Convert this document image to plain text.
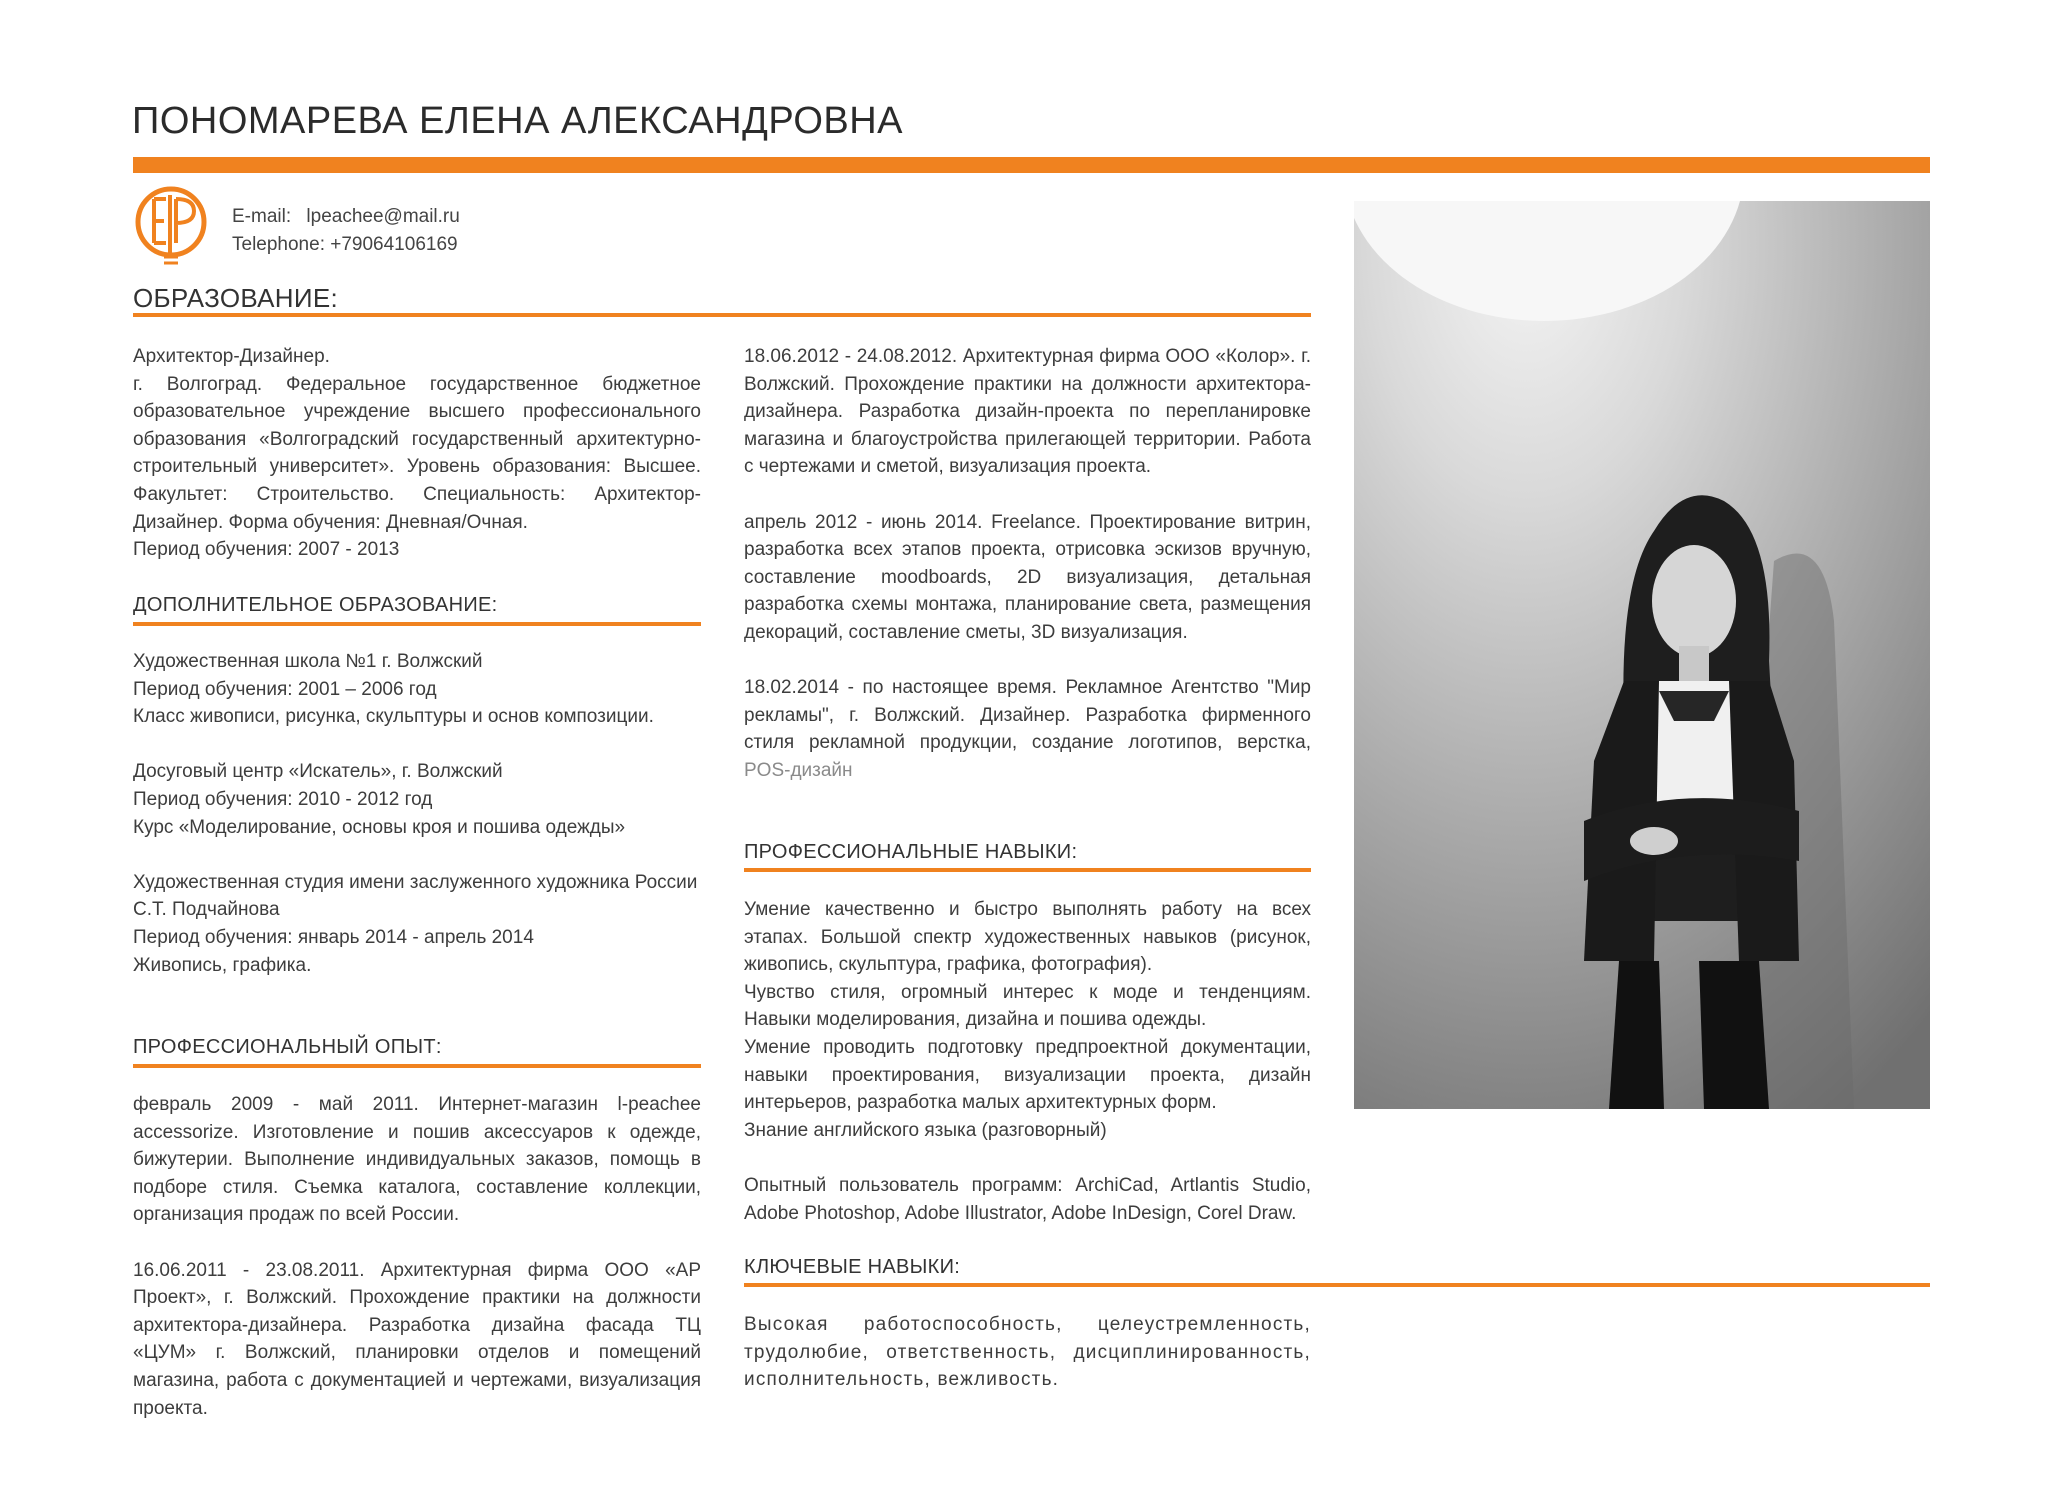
ПОНОМАРЕВА ЕЛЕНА АЛЕКСАНДРОВНА
E-mail: lpeachee@mail.ru
Telephone: +79064106169
ОБРАЗОВАНИЕ:

Архитектор-Дизайнер.

г. Волгоград. Федеральное государственное бюджетное образовательное учреждение высшего профессионального образования «Волгоградский государственный архитектурно-строительный университет». Уровень образования: Высшее. Факультет: Строительство. Специальность: Архитектор-Дизайнер. Форма обучения: Дневная/Очная.

Период обучения: 2007 - 2013

ДОПОЛНИТЕЛЬНОЕ ОБРАЗОВАНИЕ:

Художественная школа №1 г. Волжский

Период обучения: 2001 – 2006 год

Класс живописи, рисунка, скульптуры и основ композиции.

Досуговый центр «Искатель», г. Волжский

Период обучения: 2010 - 2012 год

Курс «Моделирование, основы кроя и пошива одежды»

Художественная студия имени заслуженного художника России С.Т. Подчайнова

Период обучения: январь 2014 - апрель 2014

Живопись, графика.

ПРОФЕССИОНАЛЬНЫЙ ОПЫТ:

февраль 2009 - май 2011. Интернет-магазин l-peachee accessorize. Изготовление и пошив аксессуаров к одежде, бижутерии. Выполнение индивидуальных заказов, помощь в подборе стиля. Съемка каталога, составление коллекции, организация продаж по всей России.

16.06.2011 - 23.08.2011. Архитектурная фирма ООО «АР Проект», г. Волжский. Прохождение практики на должности архитектора-дизайнера. Разработка дизайна фасада ТЦ «ЦУМ» г. Волжский, планировки отделов и помещений магазина, работа с документацией и чертежами, визуализация проекта.

18.06.2012 - 24.08.2012. Архитектурная фирма ООО «Колор». г. Волжский. Прохождение практики на должности архитектора-дизайнера. Разработка дизайн-проекта по перепланировке магазина и благоустройства прилегающей территории. Работа с чертежами и сметой, визуализация проекта.

апрель 2012 - июнь 2014. Freelance. Проектирование витрин, разработка всех этапов проекта, отрисовка эскизов вручную, составление moodboards, 2D визуализация, детальная разработка схемы монтажа, планирование света, размещения декораций, составление сметы, 3D визуализация.

18.02.2014 - по настоящее время. Рекламное Агентство "Мир рекламы", г. Волжский. Дизайнер. Разработка фирменного стиля рекламной продукции, создание логотипов, верстка, POS-дизайн

ПРОФЕССИОНАЛЬНЫЕ НАВЫКИ:

Умение качественно и быстро выполнять работу на всех этапах. Большой спектр художественных навыков (рисунок, живопись, скульптура, графика, фотография).

Чувство стиля, огромный интерес к моде и тенденциям. Навыки моделирования, дизайна и пошива одежды.

Умение проводить подготовку предпроектной документации, навыки проектирования, визуализации проекта, дизайн интерьеров, разработка малых архитектурных форм.

Знание английского языка (разговорный)

Опытный пользователь программ: ArchiCad, Artlantis Studio, Adobe Photoshop, Adobe Illustrator, Adobe InDesign, Corel Draw.

КЛЮЧЕВЫЕ НАВЫКИ:
Высокая работоспособность, целеустремленность, трудолюбие, ответственность, дисциплинированность, исполнительность, вежливость.
